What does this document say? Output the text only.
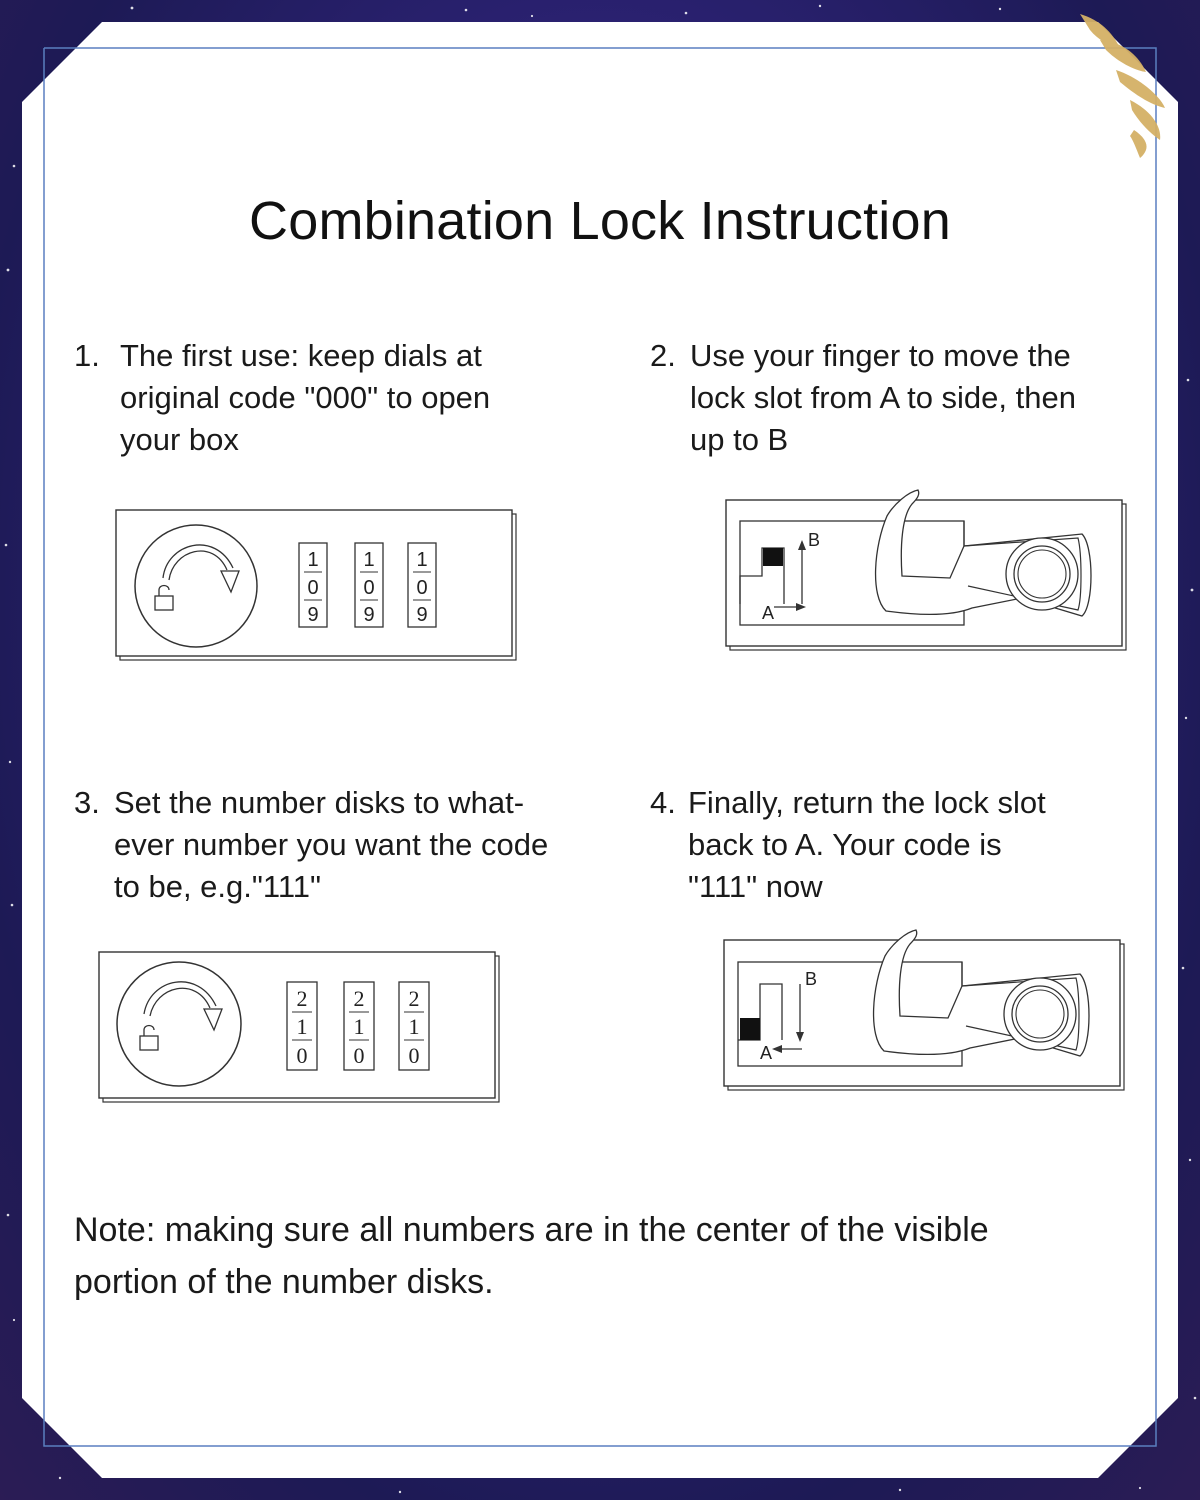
Combination Lock Instruction
1. The first use: keep dials at
original code "000" to open
your box
2. Use your finger to move the
lock slot from A to side, then
up to B
3. Set the number disks to what-
ever number you want the code
to be, e.g."111"
4. Finally, return the lock slot
back to A. Your code is
"111" now
1
0
9
1
0
9
1
0
9
B
A
2
1
0
2
1
0
2
1
0
B
A
Note: making sure all numbers are in the center of the visible
portion of the number disks.
